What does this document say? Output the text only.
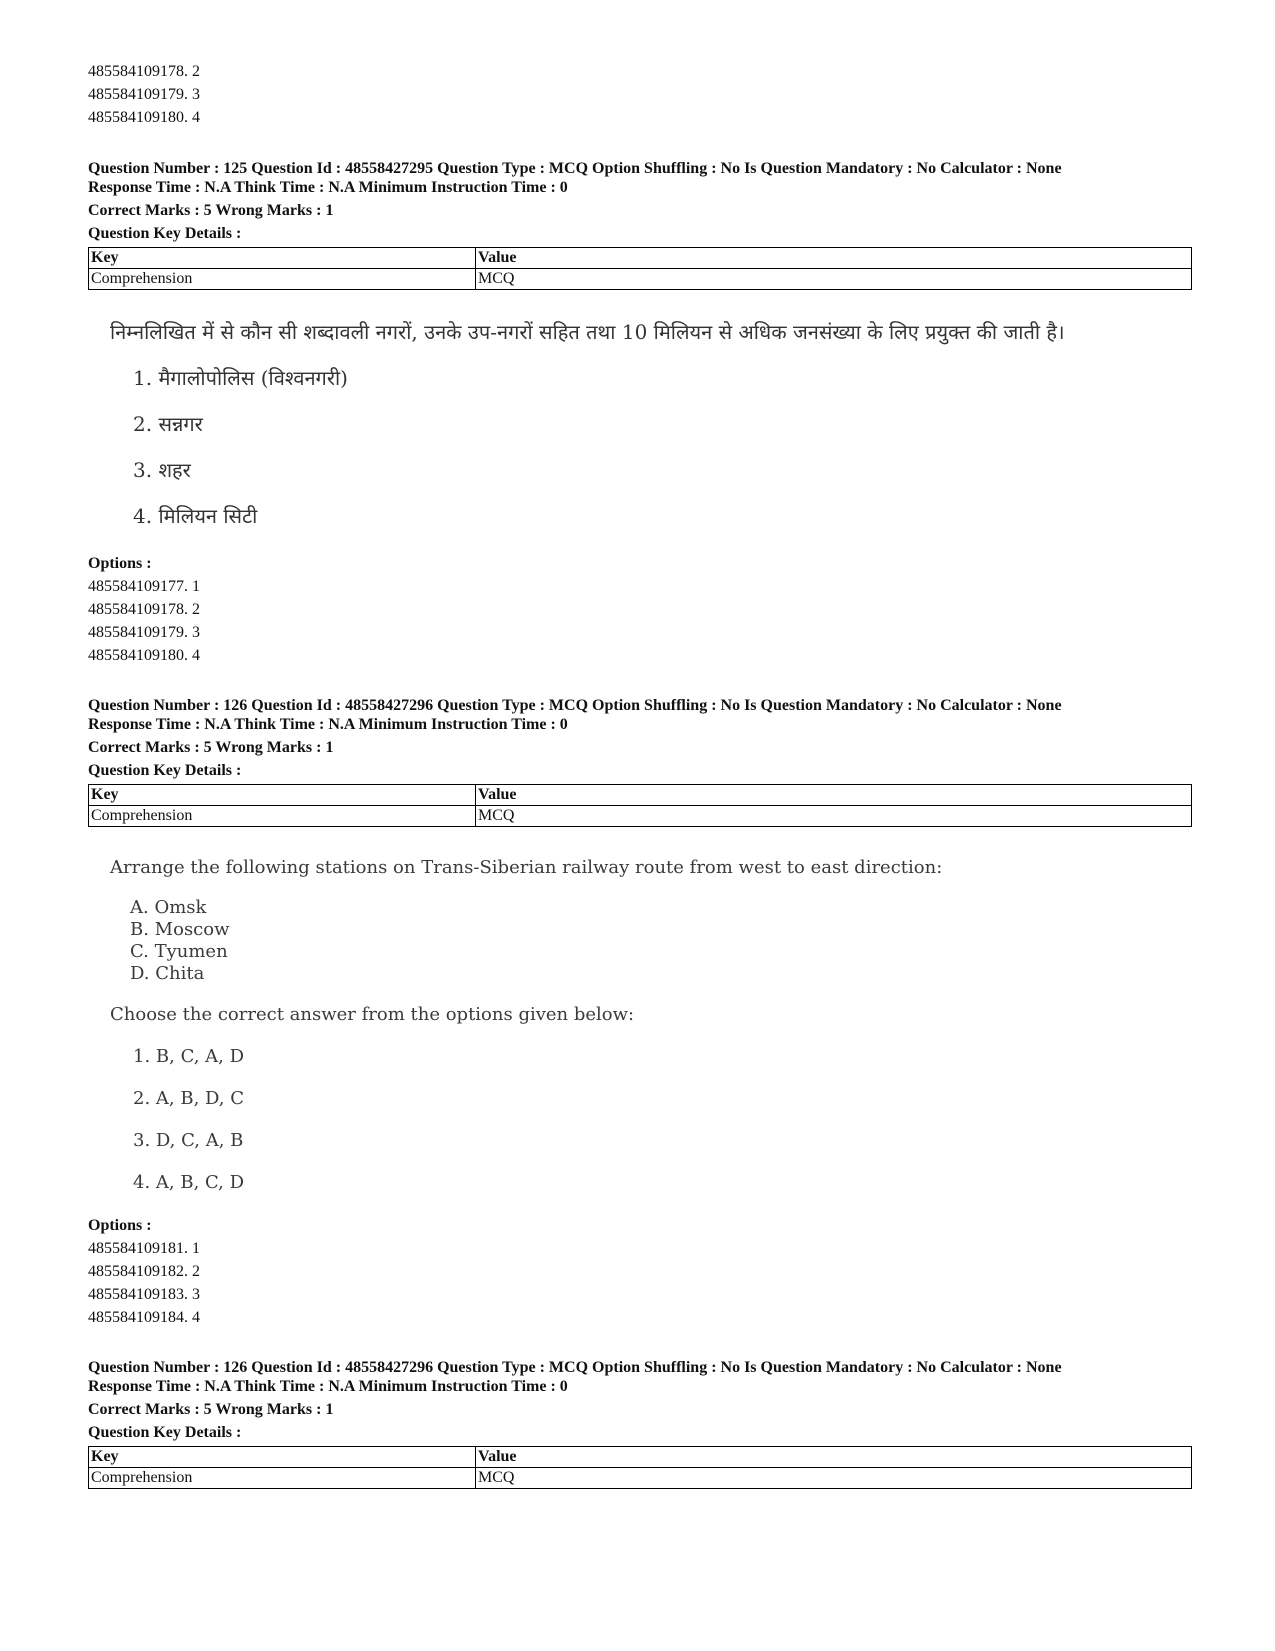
485584109178. 2
485584109179. 3
485584109180. 4
Question Number : 125 Question Id : 48558427295 Question Type : MCQ Option Shuffling : No Is Question Mandatory : No Calculator : None
Response Time : N.A Think Time : N.A Minimum Instruction Time : 0
Correct Marks : 5 Wrong Marks : 1
Question Key Details :
Key	Value
Comprehension	MCQ
निम्नलिखित में से कौन सी शब्दावली नगरों, उनके उप-नगरों सहित तथा 10 मिलियन से अधिक जनसंख्या के लिए प्रयुक्त की जाती है।
1. मैगालोपोलिस (विश्वनगरी)
2. सन्नगर
3. शहर
4. मिलियन सिटी
Options :
485584109177. 1
485584109178. 2
485584109179. 3
485584109180. 4
Question Number : 126 Question Id : 48558427296 Question Type : MCQ Option Shuffling : No Is Question Mandatory : No Calculator : None
Response Time : N.A Think Time : N.A Minimum Instruction Time : 0
Correct Marks : 5 Wrong Marks : 1
Question Key Details :
Key	Value
Comprehension	MCQ
Arrange the following stations on Trans-Siberian railway route from west to east direction:
A. Omsk
B. Moscow
C. Tyumen
D. Chita
Choose the correct answer from the options given below:
1. B, C, A, D
2. A, B, D, C
3. D, C, A, B
4. A, B, C, D
Options :
485584109181. 1
485584109182. 2
485584109183. 3
485584109184. 4
Question Number : 126 Question Id : 48558427296 Question Type : MCQ Option Shuffling : No Is Question Mandatory : No Calculator : None
Response Time : N.A Think Time : N.A Minimum Instruction Time : 0
Correct Marks : 5 Wrong Marks : 1
Question Key Details :
Key	Value
Comprehension	MCQ
